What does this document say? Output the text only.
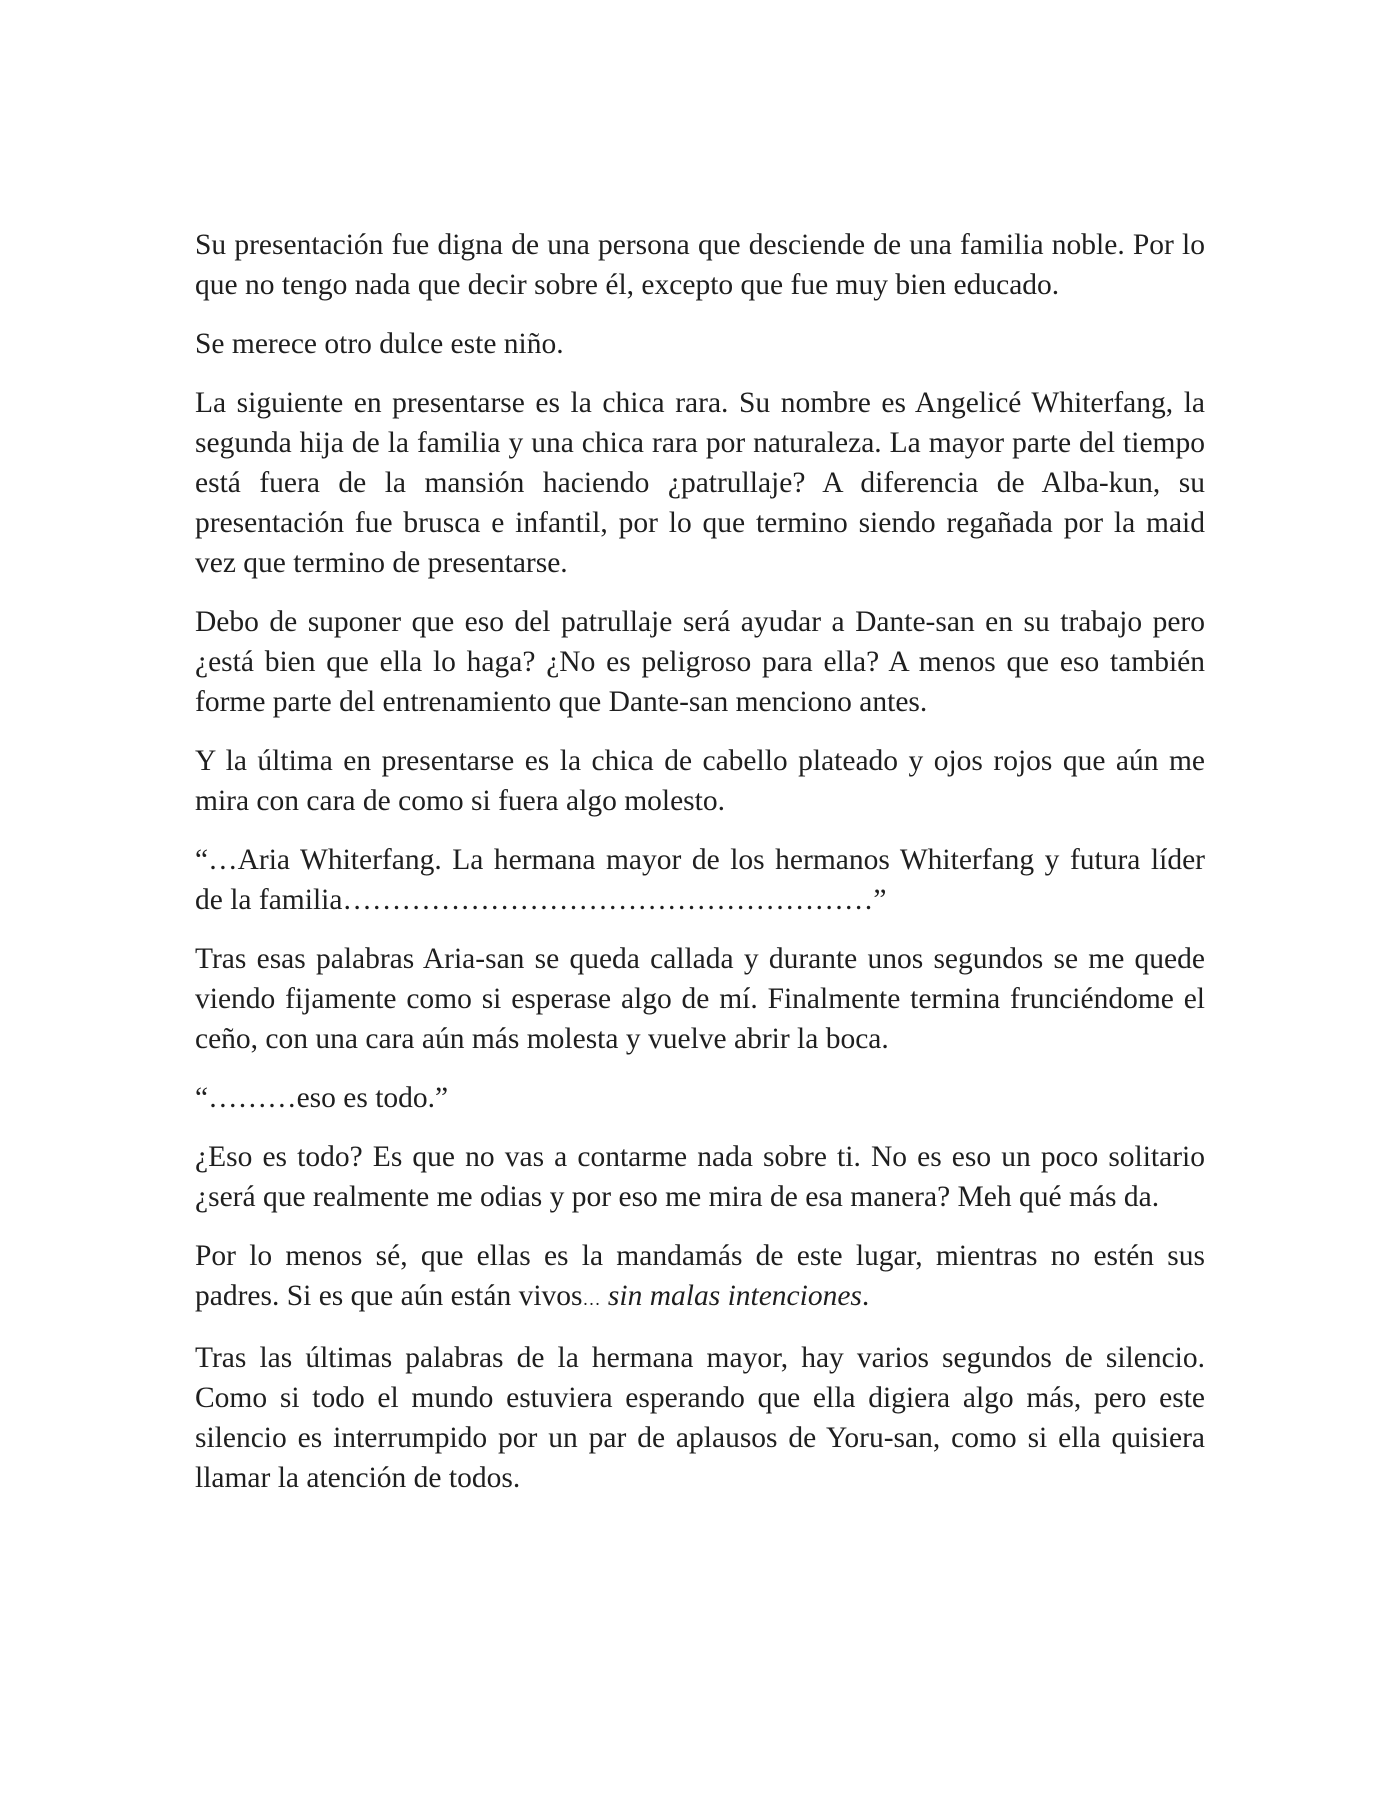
Su presentación fue digna de una persona que desciende de una familia noble. Por lo que no tengo nada que decir sobre él, excepto que fue muy bien educado.

Se merece otro dulce este niño.

La siguiente en presentarse es la chica rara. Su nombre es Angelicé Whiterfang, la segunda hija de la familia y una chica rara por naturaleza. La mayor parte del tiempo está fuera de la mansión haciendo ¿patrullaje? A diferencia de Alba-kun, su presentación fue brusca e infantil, por lo que termino siendo regañada por la maid vez que termino de presentarse.

Debo de suponer que eso del patrullaje será ayudar a Dante-san en su trabajo pero ¿está bien que ella lo haga? ¿No es peligroso para ella? A menos que eso también forme parte del entrenamiento que Dante-san menciono antes.

Y la última en presentarse es la chica de cabello plateado y ojos rojos que aún me mira con cara de como si fuera algo molesto.

“…Aria Whiterfang. La hermana mayor de los hermanos Whiterfang y futura líder de la familia………………………………………………”

Tras esas palabras Aria-san se queda callada y durante unos segundos se me quede viendo fijamente como si esperase algo de mí. Finalmente termina frunciéndome el ceño, con una cara aún más molesta y vuelve abrir la boca.

“………eso es todo.”

¿Eso es todo? Es que no vas a contarme nada sobre ti. No es eso un poco solitario ¿será que realmente me odias y por eso me mira de esa manera? Meh qué más da.

Por lo menos sé, que ellas es la mandamás de este lugar, mientras no estén sus padres. Si es que aún están vivos… sin malas intenciones.

Tras las últimas palabras de la hermana mayor, hay varios segundos de silencio. Como si todo el mundo estuviera esperando que ella digiera algo más, pero este silencio es interrumpido por un par de aplausos de Yoru-san, como si ella quisiera llamar la atención de todos.
